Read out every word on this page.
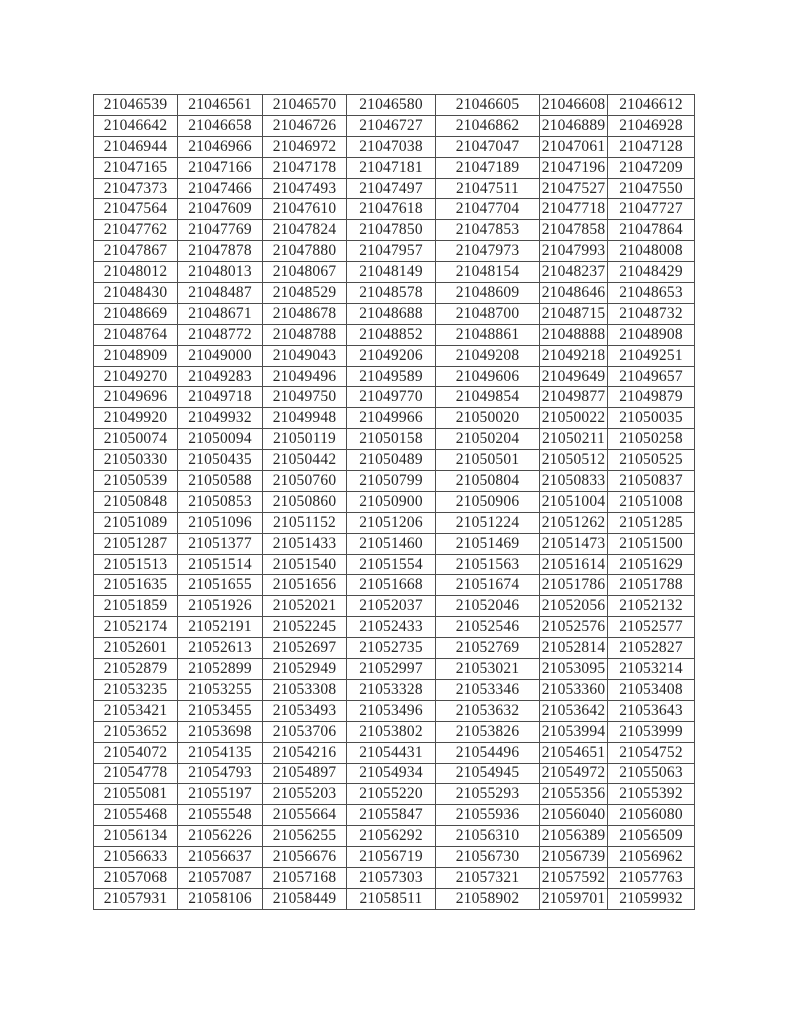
21046539	21046561	21046570	21046580	21046605	21046608	21046612
21046642	21046658	21046726	21046727	21046862	21046889	21046928
21046944	21046966	21046972	21047038	21047047	21047061	21047128
21047165	21047166	21047178	21047181	21047189	21047196	21047209
21047373	21047466	21047493	21047497	21047511	21047527	21047550
21047564	21047609	21047610	21047618	21047704	21047718	21047727
21047762	21047769	21047824	21047850	21047853	21047858	21047864
21047867	21047878	21047880	21047957	21047973	21047993	21048008
21048012	21048013	21048067	21048149	21048154	21048237	21048429
21048430	21048487	21048529	21048578	21048609	21048646	21048653
21048669	21048671	21048678	21048688	21048700	21048715	21048732
21048764	21048772	21048788	21048852	21048861	21048888	21048908
21048909	21049000	21049043	21049206	21049208	21049218	21049251
21049270	21049283	21049496	21049589	21049606	21049649	21049657
21049696	21049718	21049750	21049770	21049854	21049877	21049879
21049920	21049932	21049948	21049966	21050020	21050022	21050035
21050074	21050094	21050119	21050158	21050204	21050211	21050258
21050330	21050435	21050442	21050489	21050501	21050512	21050525
21050539	21050588	21050760	21050799	21050804	21050833	21050837
21050848	21050853	21050860	21050900	21050906	21051004	21051008
21051089	21051096	21051152	21051206	21051224	21051262	21051285
21051287	21051377	21051433	21051460	21051469	21051473	21051500
21051513	21051514	21051540	21051554	21051563	21051614	21051629
21051635	21051655	21051656	21051668	21051674	21051786	21051788
21051859	21051926	21052021	21052037	21052046	21052056	21052132
21052174	21052191	21052245	21052433	21052546	21052576	21052577
21052601	21052613	21052697	21052735	21052769	21052814	21052827
21052879	21052899	21052949	21052997	21053021	21053095	21053214
21053235	21053255	21053308	21053328	21053346	21053360	21053408
21053421	21053455	21053493	21053496	21053632	21053642	21053643
21053652	21053698	21053706	21053802	21053826	21053994	21053999
21054072	21054135	21054216	21054431	21054496	21054651	21054752
21054778	21054793	21054897	21054934	21054945	21054972	21055063
21055081	21055197	21055203	21055220	21055293	21055356	21055392
21055468	21055548	21055664	21055847	21055936	21056040	21056080
21056134	21056226	21056255	21056292	21056310	21056389	21056509
21056633	21056637	21056676	21056719	21056730	21056739	21056962
21057068	21057087	21057168	21057303	21057321	21057592	21057763
21057931	21058106	21058449	21058511	21058902	21059701	21059932
